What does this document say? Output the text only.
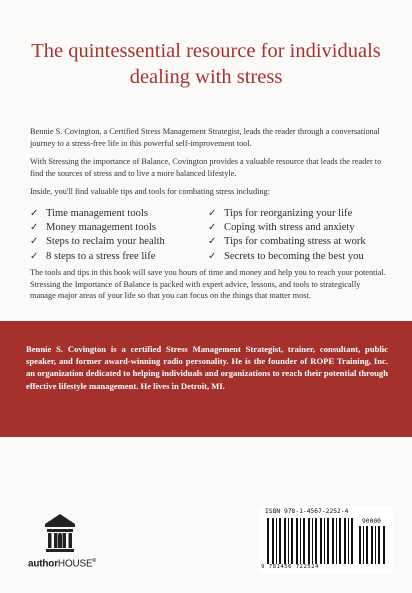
The quintessential resource for individuals dealing with stress

Bennie S. Covington, a Certified Stress Management Strategist, leads the reader through a conversational journey to a stress-free life in this powerful self-improvement tool.

With Stressing the importance of Balance, Covington provides a valuable resource that leads the reader to find the sources of stress and to live a more balanced lifestyle.

Inside, you'll find valuable tips and tools for combating stress including:

✓ Time management tools	✓ Tips for reorganizing your life
✓ Money management tools	✓ Coping with stress and anxiety
✓ Steps to reclaim your health	✓ Tips for combating stress at work
✓ 8 steps to a stress free life	✓ Secrets to becoming the best you

The tools and tips in this book will save you hours of time and money and help you to reach your potential. Stressing the Importance of Balance is packed with expert advice, lessons, and tools to strategically manage major areas of your life so that you can focus on the things that matter most.

Bennie S. Covington is a certified Stress Management Strategist, trainer, consultant, public speaker, and former award-winning radio personality. He is the founder of ROPE Training, Inc. an organization dedicated to helping individuals and organizations to reach their potential through effective lifestyle management. He lives in Detroit, MI.

authorHOUSE®
ISBN 978-1-4567-2252-4
90000
9 781456 722524
